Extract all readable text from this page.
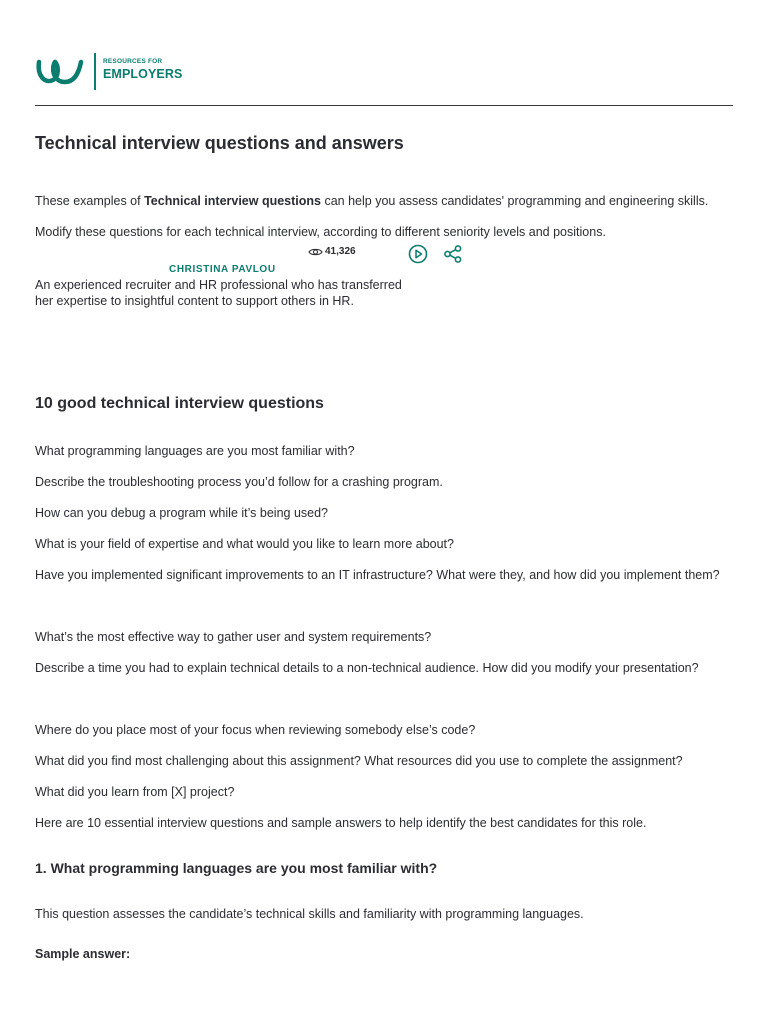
RESOURCES FOR
EMPLOYERS
Technical interview questions and answers

These examples of Technical interview questions can help you assess candidates' programming and engineering skills. Modify these questions for each technical interview, according to different seniority levels and positions.

41,326
CHRISTINA PAVLOU

An experienced recruiter and HR professional who has transferred her expertise to insightful content to support others in HR.

10 good technical interview questions

What programming languages are you most familiar with?

Describe the troubleshooting process you’d follow for a crashing program.

How can you debug a program while it’s being used?

What is your field of expertise and what would you like to learn more about?

Have you implemented significant improvements to an IT infrastructure? What were they, and how did you implement them?

What’s the most effective way to gather user and system requirements?

Describe a time you had to explain technical details to a non-technical audience. How did you modify your presentation?

Where do you place most of your focus when reviewing somebody else’s code?

What did you find most challenging about this assignment? What resources did you use to complete the assignment?

What did you learn from [X] project?

Here are 10 essential interview questions and sample answers to help identify the best candidates for this role.

1. What programming languages are you most familiar with?

This question assesses the candidate’s technical skills and familiarity with programming languages.

Sample answer:
